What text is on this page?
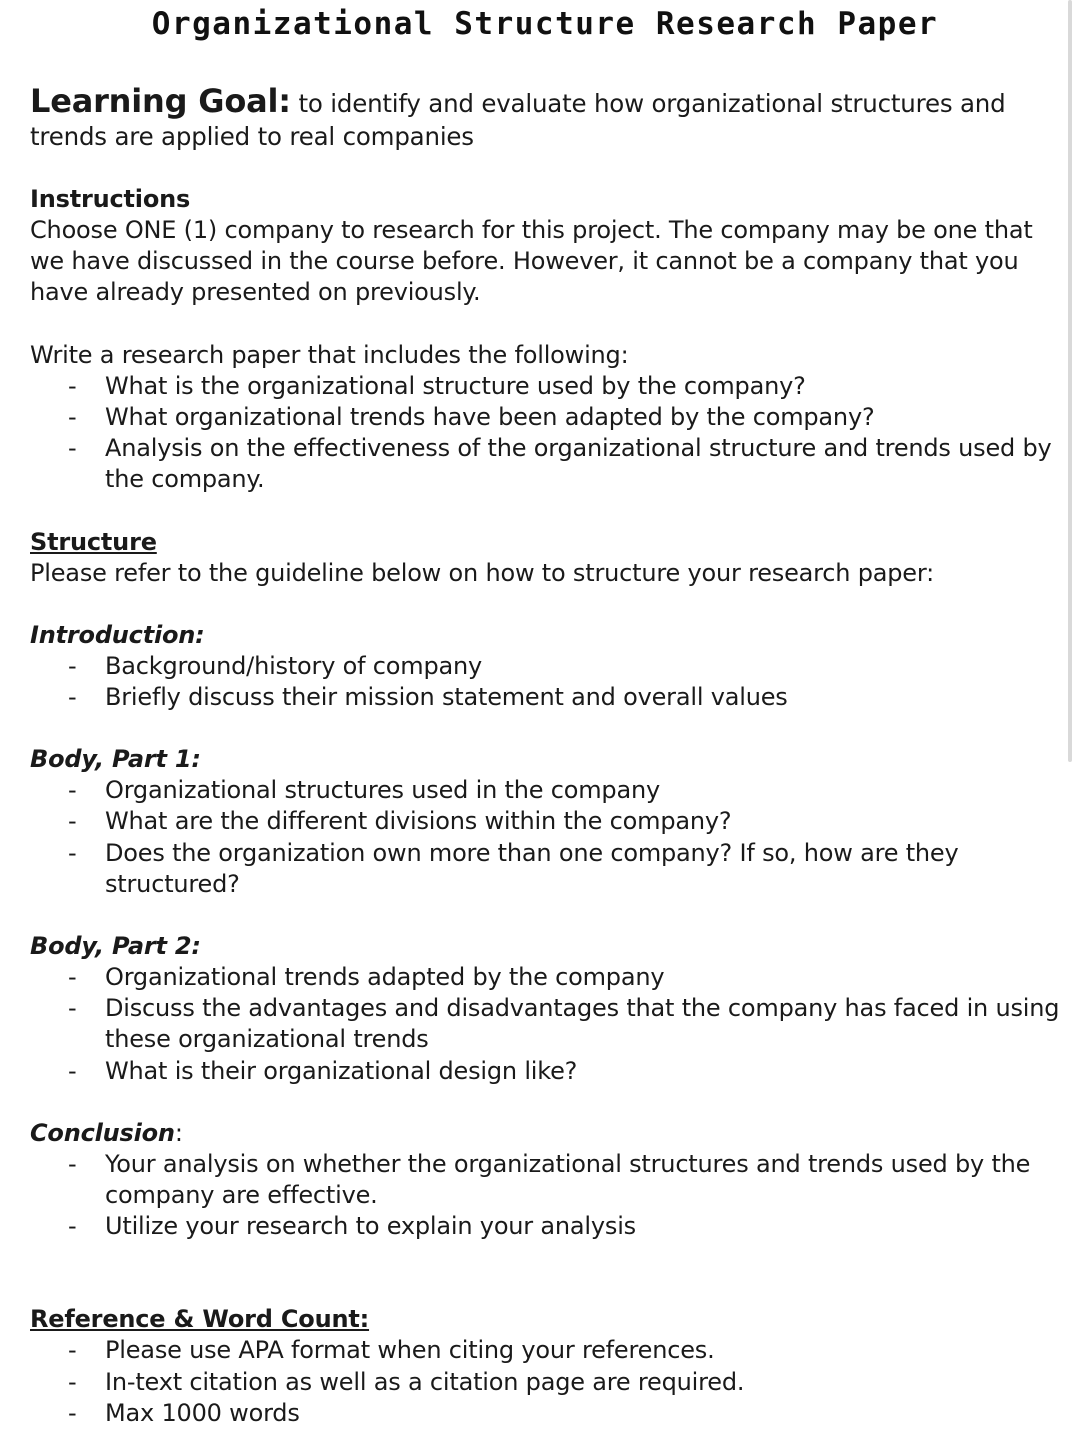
Organizational Structure Research Paper
Learning Goal: to identify and evaluate how organizational structures and trends are applied to real companies
Instructions
Choose ONE (1) company to research for this project. The company may be one that we have discussed in the course before. However, it cannot be a company that you have already presented on previously.
Write a research paper that includes the following:
- What is the organizational structure used by the company?
- What organizational trends have been adapted by the company?
- Analysis on the effectiveness of the organizational structure and trends used by the company.
Structure
Please refer to the guideline below on how to structure your research paper:
Introduction:
- Background/history of company
- Briefly discuss their mission statement and overall values
Body, Part 1:
- Organizational structures used in the company
- What are the different divisions within the company?
- Does the organization own more than one company? If so, how are they structured?
Body, Part 2:
- Organizational trends adapted by the company
- Discuss the advantages and disadvantages that the company has faced in using these organizational trends
- What is their organizational design like?
Conclusion:
- Your analysis on whether the organizational structures and trends used by the company are effective.
- Utilize your research to explain your analysis
Reference & Word Count:
- Please use APA format when citing your references.
- In-text citation as well as a citation page are required.
- Max 1000 words
